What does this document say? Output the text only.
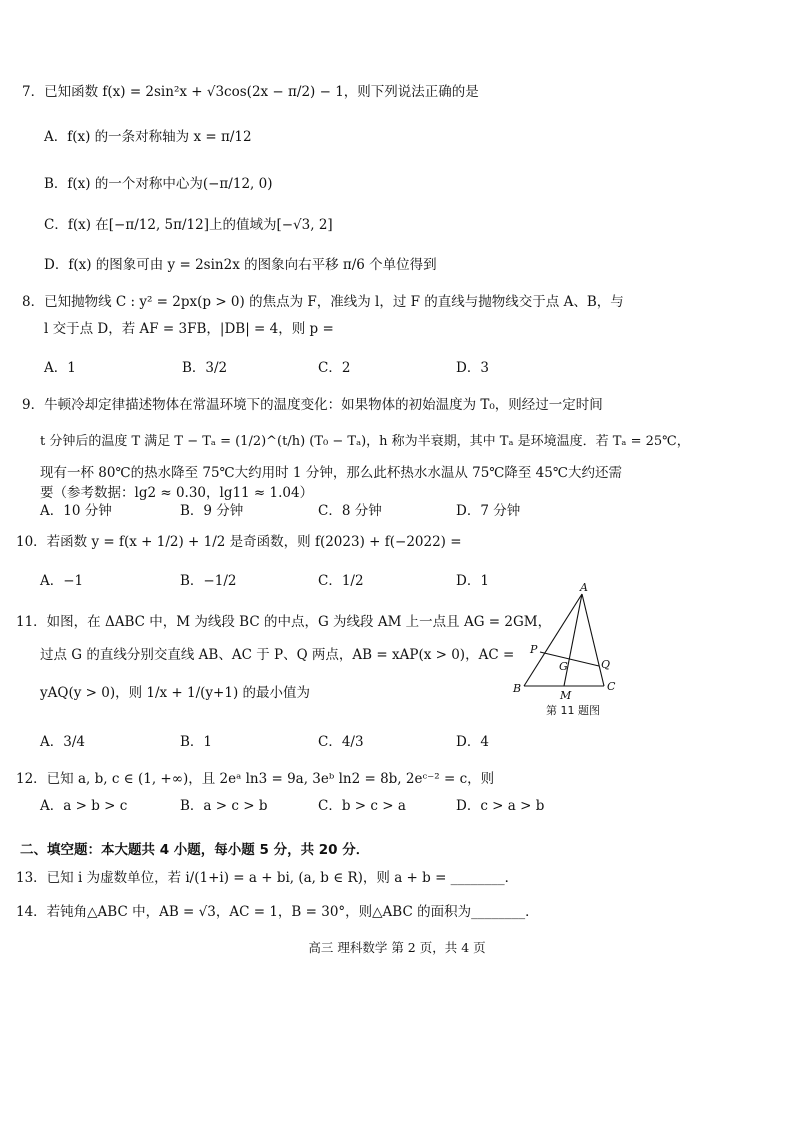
7．已知函数 f(x) = 2sin²x + √3cos(2x − π/2) − 1，则下列说法正确的是
A．f(x) 的一条对称轴为 x = π/12
B．f(x) 的一个对称中心为(−π/12, 0)
C．f(x) 在[−π/12, 5π/12]上的值域为[−√3, 2]
D．f(x) 的图象可由 y = 2sin2x 的图象向右平移 π/6 个单位得到
8．已知抛物线 C : y² = 2px(p > 0) 的焦点为 F，准线为 l，过 F 的直线与抛物线交于点 A、B，与
l 交于点 D，若 AF = 3FB，|DB| = 4，则 p =
A．1	B．3/2	C．2	D．3
9．牛顿冷却定律描述物体在常温环境下的温度变化：如果物体的初始温度为 T₀，则经过一定时间
t 分钟后的温度 T 满足 T − Tₐ = (1/2)^(t/h) (T₀ − Tₐ)，h 称为半衰期，其中 Tₐ 是环境温度．若 Tₐ = 25℃，
现有一杯 80℃的热水降至 75℃大约用时 1 分钟，那么此杯热水水温从 75℃降至 45℃大约还需
要（参考数据：lg2 ≈ 0.30，lg11 ≈ 1.04）
A．10 分钟	B．9 分钟	C．8 分钟	D．7 分钟
10．若函数 y = f(x + 1/2) + 1/2 是奇函数，则 f(2023) + f(−2022) =
A．−1	B．−1/2	C．1/2	D．1
11．如图，在 ΔABC 中，M 为线段 BC 的中点，G 为线段 AM 上一点且 AG = 2GM，
过点 G 的直线分别交直线 AB、AC 于 P、Q 两点，AB = xAP(x > 0)，AC =
yAQ(y > 0)，则 1/x + 1/(y+1) 的最小值为
A
P
G	Q
B
M
C
第 11 题图
A．3/4	B．1	C．4/3	D．4
12．已知 a, b, c ∈ (1, +∞)，且 2eᵃ ln3 = 9a, 3eᵇ ln2 = 8b, 2eᶜ⁻² = c，则
A．a > b > c	B．a > c > b	C．b > c > a	D．c > a > b
二、填空题：本大题共 4 小题，每小题 5 分，共 20 分．
13．已知 i 为虚数单位，若 i/(1+i) = a + bi, (a, b ∈ R)，则 a + b = ________．
14．若钝角△ABC 中，AB = √3，AC = 1，B = 30°，则△ABC 的面积为________．
高三 理科数学 第 2 页，共 4 页
